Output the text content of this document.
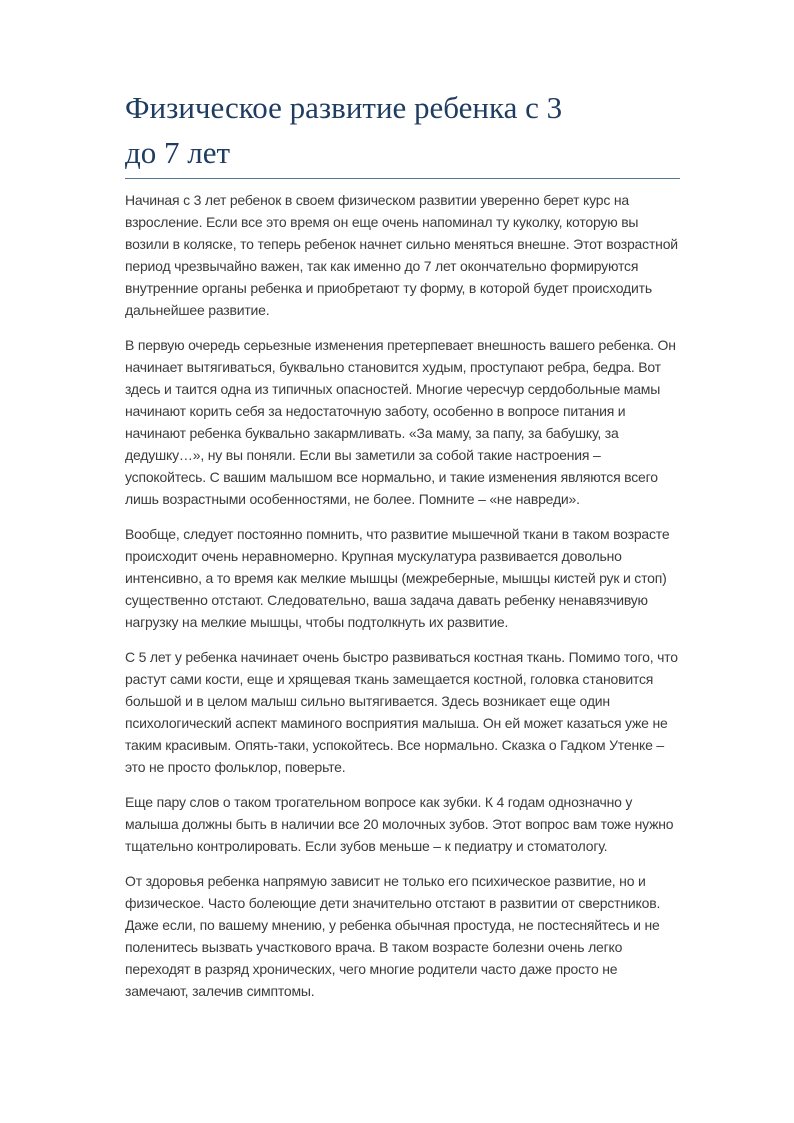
Физическое развитие ребенка с 3
до 7 лет

Начиная с 3 лет ребенок в своем физическом развитии уверенно берет курс на взросление. Если все это время он еще очень напоминал ту куколку, которую вы возили в коляске, то теперь ребенок начнет сильно меняться внешне. Этот возрастной период чрезвычайно важен, так как именно до 7 лет окончательно формируются внутренние органы ребенка и приобретают ту форму, в которой будет происходить дальнейшее развитие.

В первую очередь серьезные изменения претерпевает внешность вашего ребенка. Он начинает вытягиваться, буквально становится худым, проступают ребра, бедра. Вот здесь и таится одна из типичных опасностей. Многие чересчур сердобольные мамы начинают корить себя за недостаточную заботу, особенно в вопросе питания и начинают ребенка буквально закармливать. «За маму, за папу, за бабушку, за дедушку…», ну вы поняли. Если вы заметили за собой такие настроения – успокойтесь. С вашим малышом все нормально, и такие изменения являются всего лишь возрастными особенностями, не более. Помните – «не навреди».

Вообще, следует постоянно помнить, что развитие мышечной ткани в таком возрасте происходит очень неравномерно. Крупная мускулатура развивается довольно интенсивно, а то время как мелкие мышцы (межреберные, мышцы кистей рук и стоп) существенно отстают. Следовательно, ваша задача давать ребенку ненавязчивую нагрузку на мелкие мышцы, чтобы подтолкнуть их развитие.

С 5 лет у ребенка начинает очень быстро развиваться костная ткань. Помимо того, что растут сами кости, еще и хрящевая ткань замещается костной, головка становится большой и в целом малыш сильно вытягивается. Здесь возникает еще один психологический аспект маминого восприятия малыша. Он ей может казаться уже не таким красивым. Опять-таки, успокойтесь. Все нормально. Сказка о Гадком Утенке – это не просто фольклор, поверьте.

Еще пару слов о таком трогательном вопросе как зубки. К 4 годам однозначно у малыша должны быть в наличии все 20 молочных зубов. Этот вопрос вам тоже нужно тщательно контролировать. Если зубов меньше – к педиатру и стоматологу.

От здоровья ребенка напрямую зависит не только его психическое развитие, но и физическое. Часто болеющие дети значительно отстают в развитии от сверстников. Даже если, по вашему мнению, у ребенка обычная простуда, не постесняйтесь и не поленитесь вызвать участкового врача. В таком возрасте болезни очень легко переходят в разряд хронических, чего многие родители часто даже просто не замечают, залечив симптомы.
